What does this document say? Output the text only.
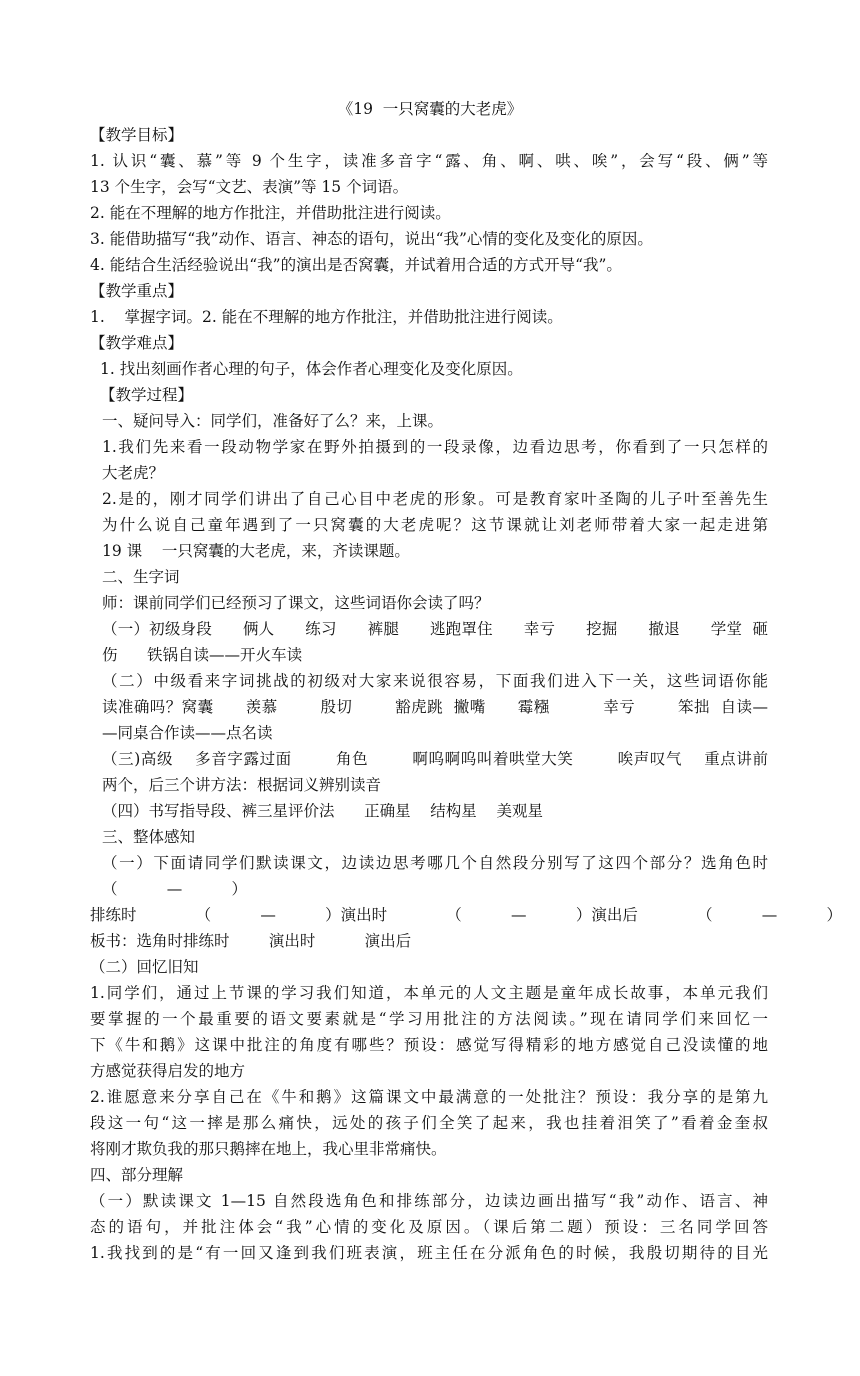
《19  一只窝囊的大老虎》
【教学目标】
1. 认识“囊、慕”等 9 个生字，读准多音字“露、角、啊、哄、唉”，会写“段、俩”等
13 个生字，会写“文艺、表演”等 15 个词语。
2. 能在不理解的地方作批注，并借助批注进行阅读。
3. 能借助描写“我”动作、语言、神态的语句，说出“我”心情的变化及变化的原因。
4. 能结合生活经验说出“我”的演出是否窝囊，并试着用合适的方式开导“我”。
【教学重点】
1.    掌握字词。2. 能在不理解的地方作批注，并借助批注进行阅读。
【教学难点】
1. 找出刻画作者心理的句子，体会作者心理变化及变化原因。
【教学过程】
一、疑问导入：同学们，准备好了么？来，上课。
1.我们先来看一段动物学家在野外拍摄到的一段录像，边看边思考，你看到了一只怎样的
大老虎？
2.是的，刚才同学们讲出了自己心目中老虎的形象。可是教育家叶圣陶的儿子叶至善先生
为什么说自己童年遇到了一只窝囊的大老虎呢？这节课就让刘老师带着大家一起走进第
19 课    一只窝囊的大老虎，来，齐读课题。
二、生字词
师：课前同学们已经预习了课文，这些词语你会读了吗？
（一）初级身段      俩人      练习      裤腿      逃跑罩住      幸亏      挖掘      撤退      学堂  砸
伤      铁锅自读——开火车读
（二）中级看来字词挑战的初级对大家来说很容易，下面我们进入下一关，这些词语你能
读准确吗？窝囊      羡慕        殷切        豁虎跳  撇嘴      霉糨          幸亏        笨拙  自读—
—同桌合作读——点名读
（三)高级    多音字露过面        角色        啊呜啊呜叫着哄堂大笑        唉声叹气    重点讲前
两个，后三个讲方法：根据词义辨别读音
（四）书写指导段、裤三星评价法      正确星    结构星    美观星
三、整体感知
（一）下面请同学们默读课文，边读边思考哪几个自然段分别写了这四个部分？选角色时
（          —          ）
排练时            （          —          ）演出时            （          —          ）演出后            （          —          ）
板书：选角时排练时        演出时          演出后
（二）回忆旧知
1.同学们，通过上节课的学习我们知道，本单元的人文主题是童年成长故事，本单元我们
要掌握的一个最重要的语文要素就是“学习用批注的方法阅读。”现在请同学们来回忆一
下《牛和鹅》这课中批注的角度有哪些？预设：感觉写得精彩的地方感觉自己没读懂的地
方感觉获得启发的地方
2.谁愿意来分享自己在《牛和鹅》这篇课文中最满意的一处批注？预设：我分享的是第九
段这一句“这一摔是那么痛快，远处的孩子们全笑了起来，我也挂着泪笑了”看着金奎叔
将刚才欺负我的那只鹅摔在地上，我心里非常痛快。
四、部分理解
（一）默读课文 1—15 自然段选角色和排练部分，边读边画出描写“我”动作、语言、神
态的语句，并批注体会“我”心情的变化及原因。（课后第二题）预设：三名同学回答
1.我找到的是“有一回又逢到我们班表演，班主任在分派角色的时候，我殷切期待的目光
